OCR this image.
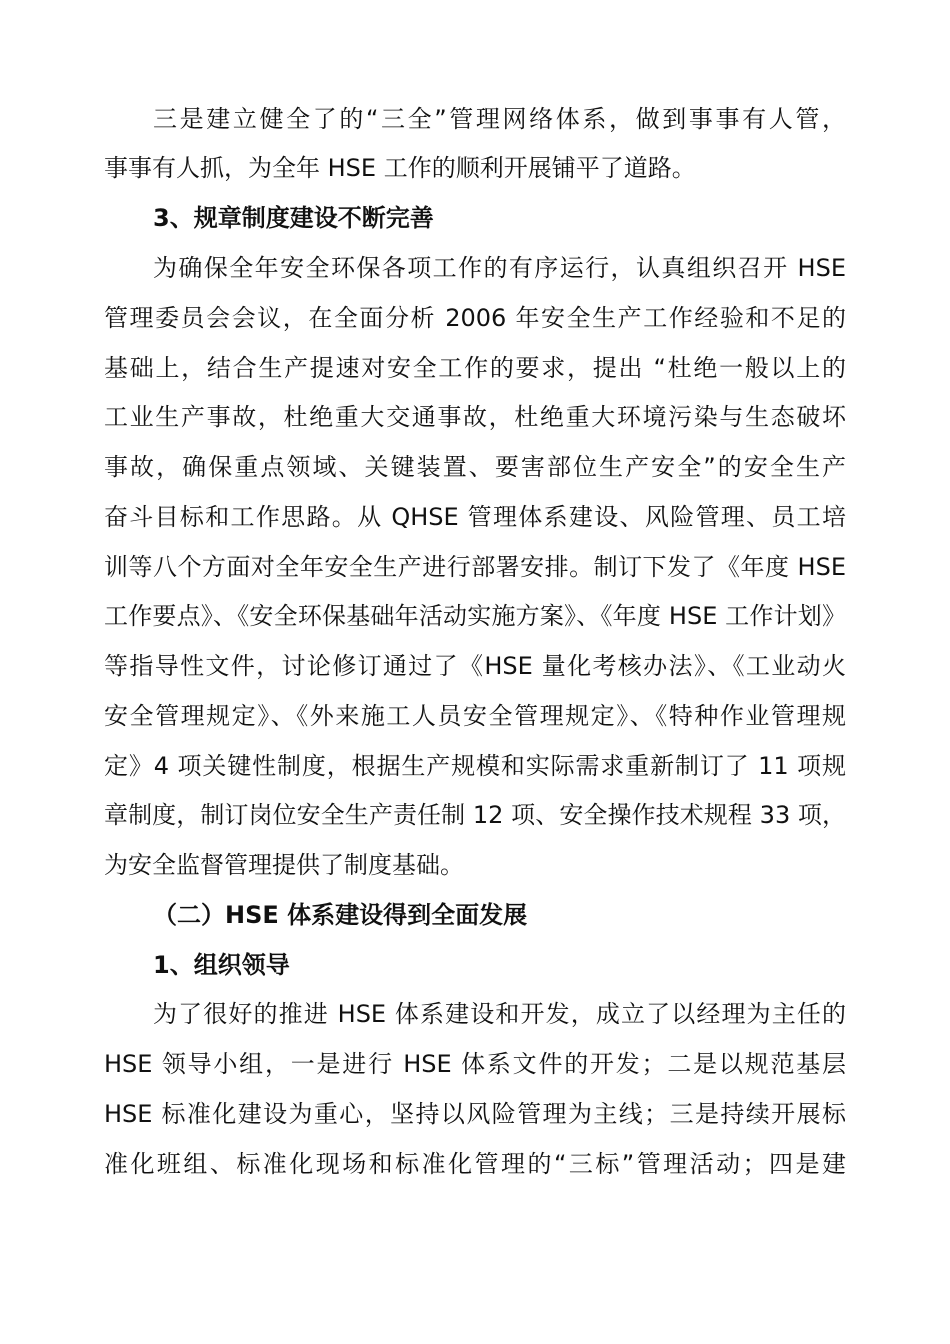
三是建立健全了的“三全”管理网络体系，做到事事有人管，
事事有人抓，为全年 HSE 工作的顺利开展铺平了道路。
3、规章制度建设不断完善
为确保全年安全环保各项工作的有序运行，认真组织召开 HSE
管理委员会会议，在全面分析 2006 年安全生产工作经验和不足的
基础上，结合生产提速对安全工作的要求，提出 “杜绝一般以上的
工业生产事故，杜绝重大交通事故，杜绝重大环境污染与生态破坏
事故，确保重点领域、关键装置、要害部位生产安全”的安全生产
奋斗目标和工作思路。从 QHSE 管理体系建设、风险管理、员工培
训等八个方面对全年安全生产进行部署安排。制订下发了《年度 HSE
工作要点》、《安全环保基础年活动实施方案》、《年度 HSE 工作计划》
等指导性文件，讨论修订通过了《HSE 量化考核办法》、《工业动火
安全管理规定》、《外来施工人员安全管理规定》、《特种作业管理规
定》4 项关键性制度，根据生产规模和实际需求重新制订了 11 项规
章制度，制订岗位安全生产责任制 12 项、安全操作技术规程 33 项，
为安全监督管理提供了制度基础。
（二）HSE 体系建设得到全面发展
1、组织领导
为了很好的推进 HSE 体系建设和开发，成立了以经理为主任的
HSE 领导小组，一是进行 HSE 体系文件的开发；二是以规范基层
HSE 标准化建设为重心，坚持以风险管理为主线；三是持续开展标
准化班组、标准化现场和标准化管理的“三标”管理活动；四是建
